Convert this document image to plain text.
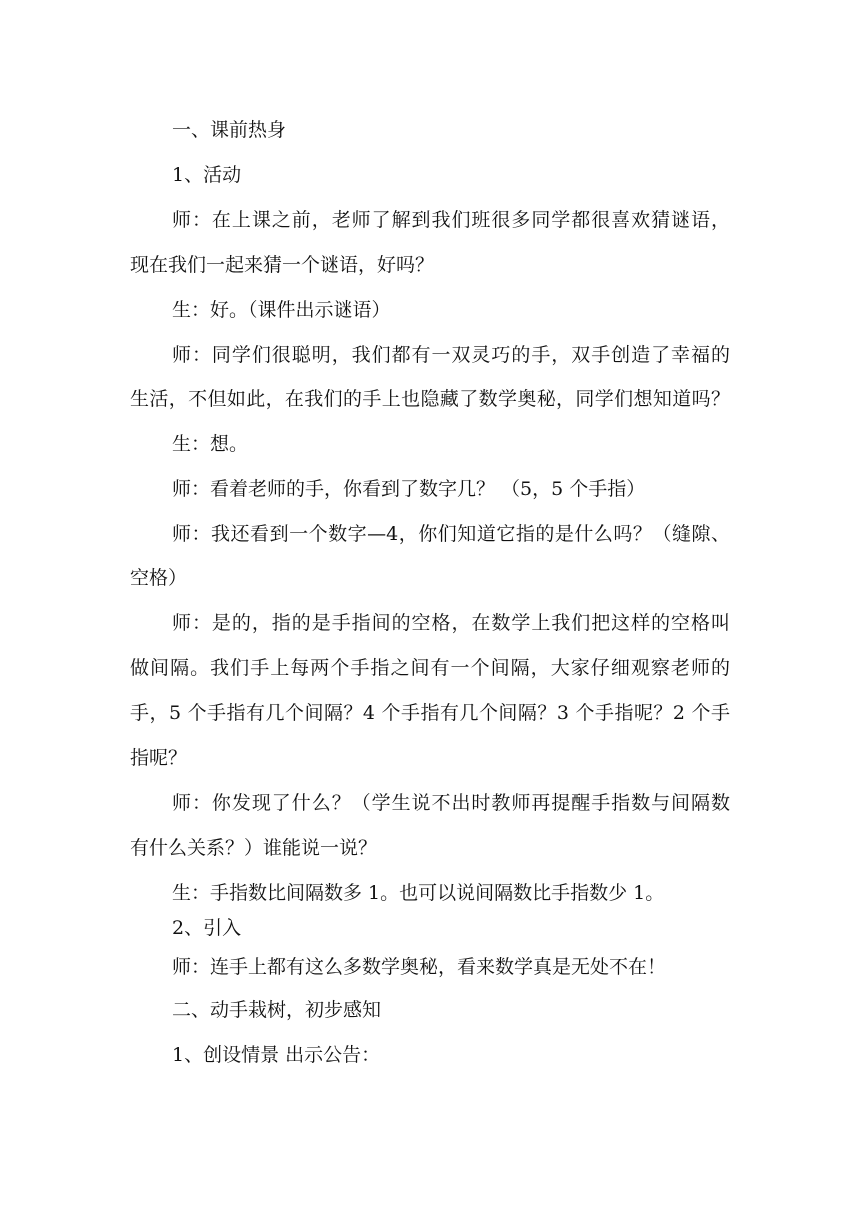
一、课前热身
1、活动
师：在上课之前，老师了解到我们班很多同学都很喜欢猜谜语，
现在我们一起来猜一个谜语，好吗？
生：好。（课件出示谜语）
师：同学们很聪明，我们都有一双灵巧的手，双手创造了幸福的
生活，不但如此，在我们的手上也隐藏了数学奥秘，同学们想知道吗？
生：想。
师：看着老师的手，你看到了数字几？ （5，5 个手指）
师：我还看到一个数字—4，你们知道它指的是什么吗？（缝隙、
空格）
师：是的，指的是手指间的空格，在数学上我们把这样的空格叫
做间隔。我们手上每两个手指之间有一个间隔，大家仔细观察老师的
手，5 个手指有几个间隔？4 个手指有几个间隔？3 个手指呢？2 个手
指呢？
师：你发现了什么？（学生说不出时教师再提醒手指数与间隔数
有什么关系？）谁能说一说？
生：手指数比间隔数多 1。也可以说间隔数比手指数少 1。
2、引入
师：连手上都有这么多数学奥秘，看来数学真是无处不在！
二、动手栽树，初步感知
1、创设情景 出示公告：
